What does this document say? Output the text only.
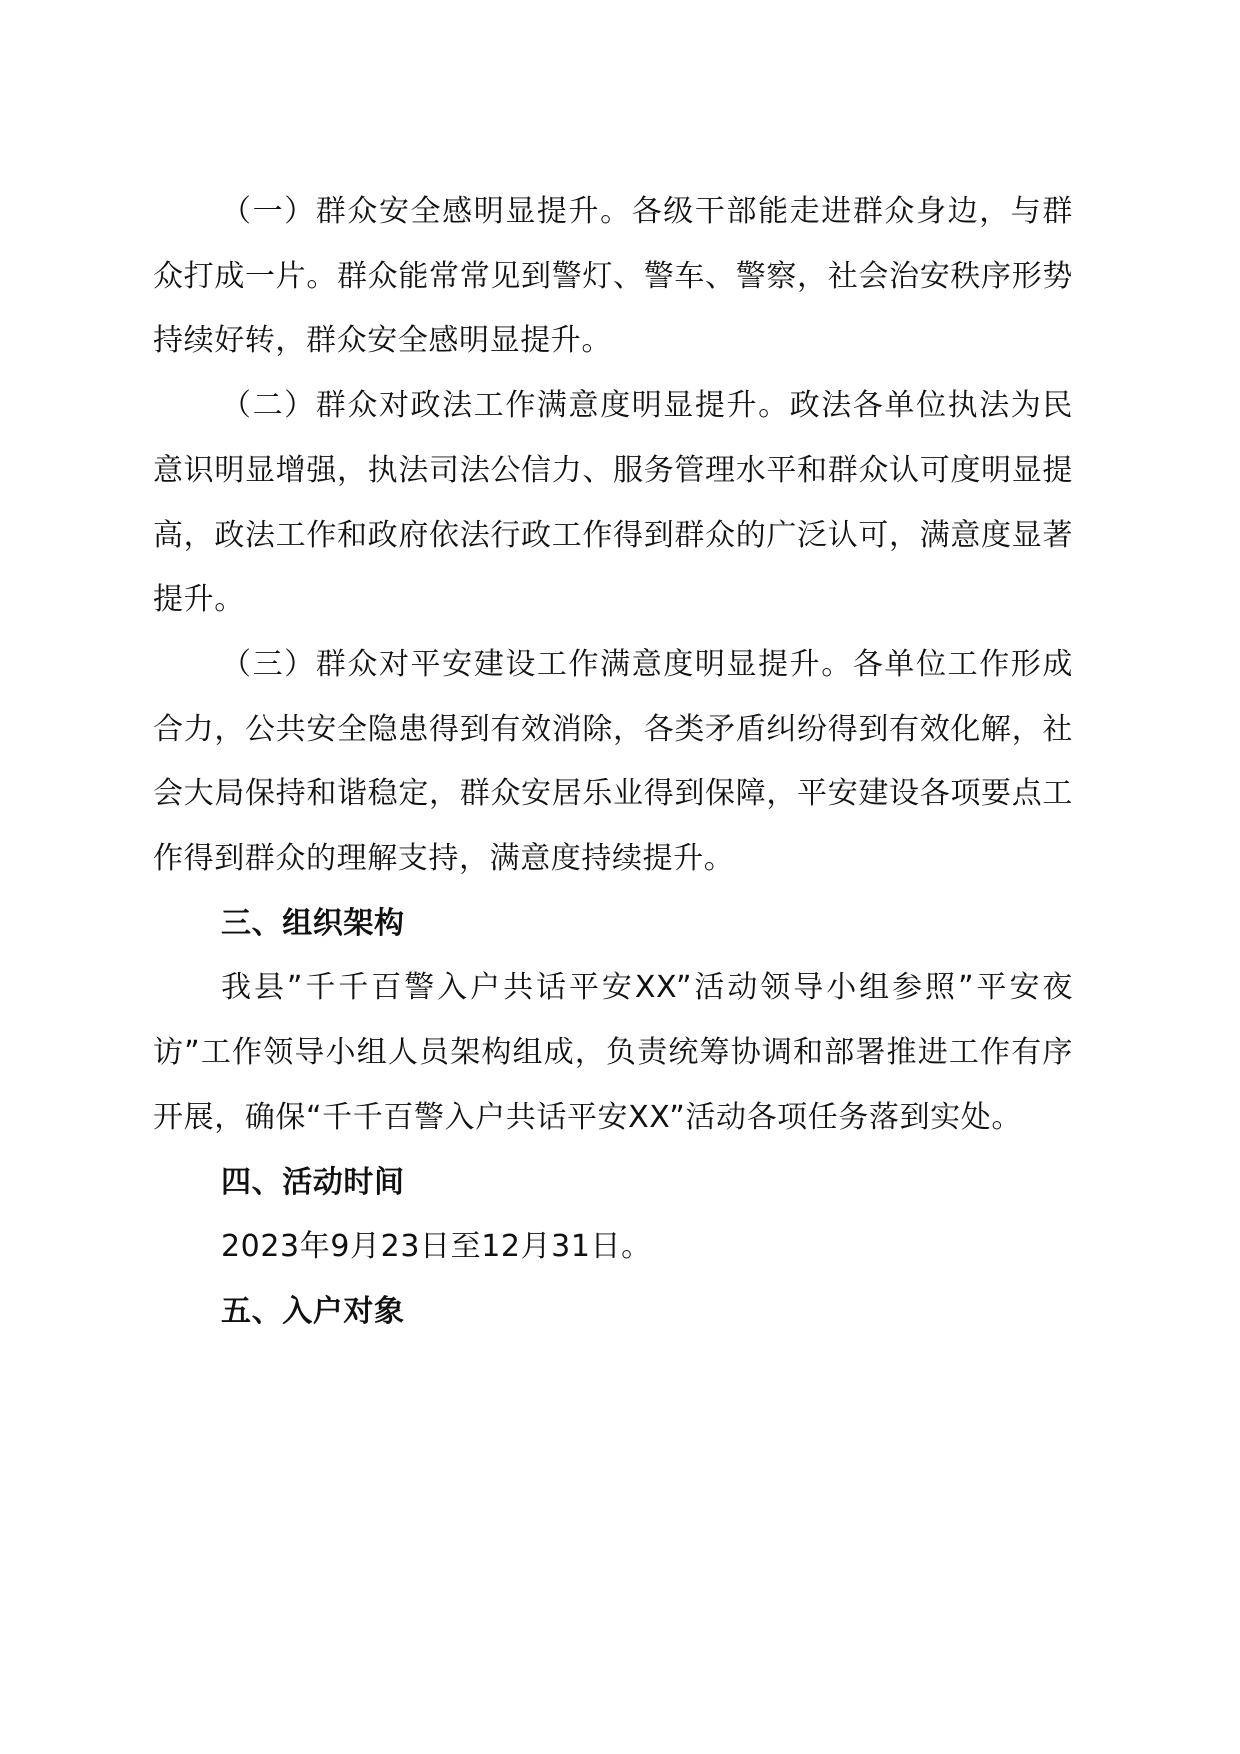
（一）群众安全感明显提升。各级干部能走进群众身边，与群众打成一片。群众能常常见到警灯、警车、警察，社会治安秩序形势持续好转，群众安全感明显提升。

（二）群众对政法工作满意度明显提升。政法各单位执法为民意识明显增强，执法司法公信力、服务管理水平和群众认可度明显提高，政法工作和政府依法行政工作得到群众的广泛认可，满意度显著提升。

（三）群众对平安建设工作满意度明显提升。各单位工作形成合力，公共安全隐患得到有效消除，各类矛盾纠纷得到有效化解，社会大局保持和谐稳定，群众安居乐业得到保障，平安建设各项要点工作得到群众的理解支持，满意度持续提升。

三、组织架构

我县”千千百警入户共话平安XX”活动领导小组参照”平安夜访”工作领导小组人员架构组成，负责统筹协调和部署推进工作有序开展，确保“千千百警入户共话平安XX”活动各项任务落到实处。

四、活动时间

2023年9月23日至12月31日。

五、入户对象
